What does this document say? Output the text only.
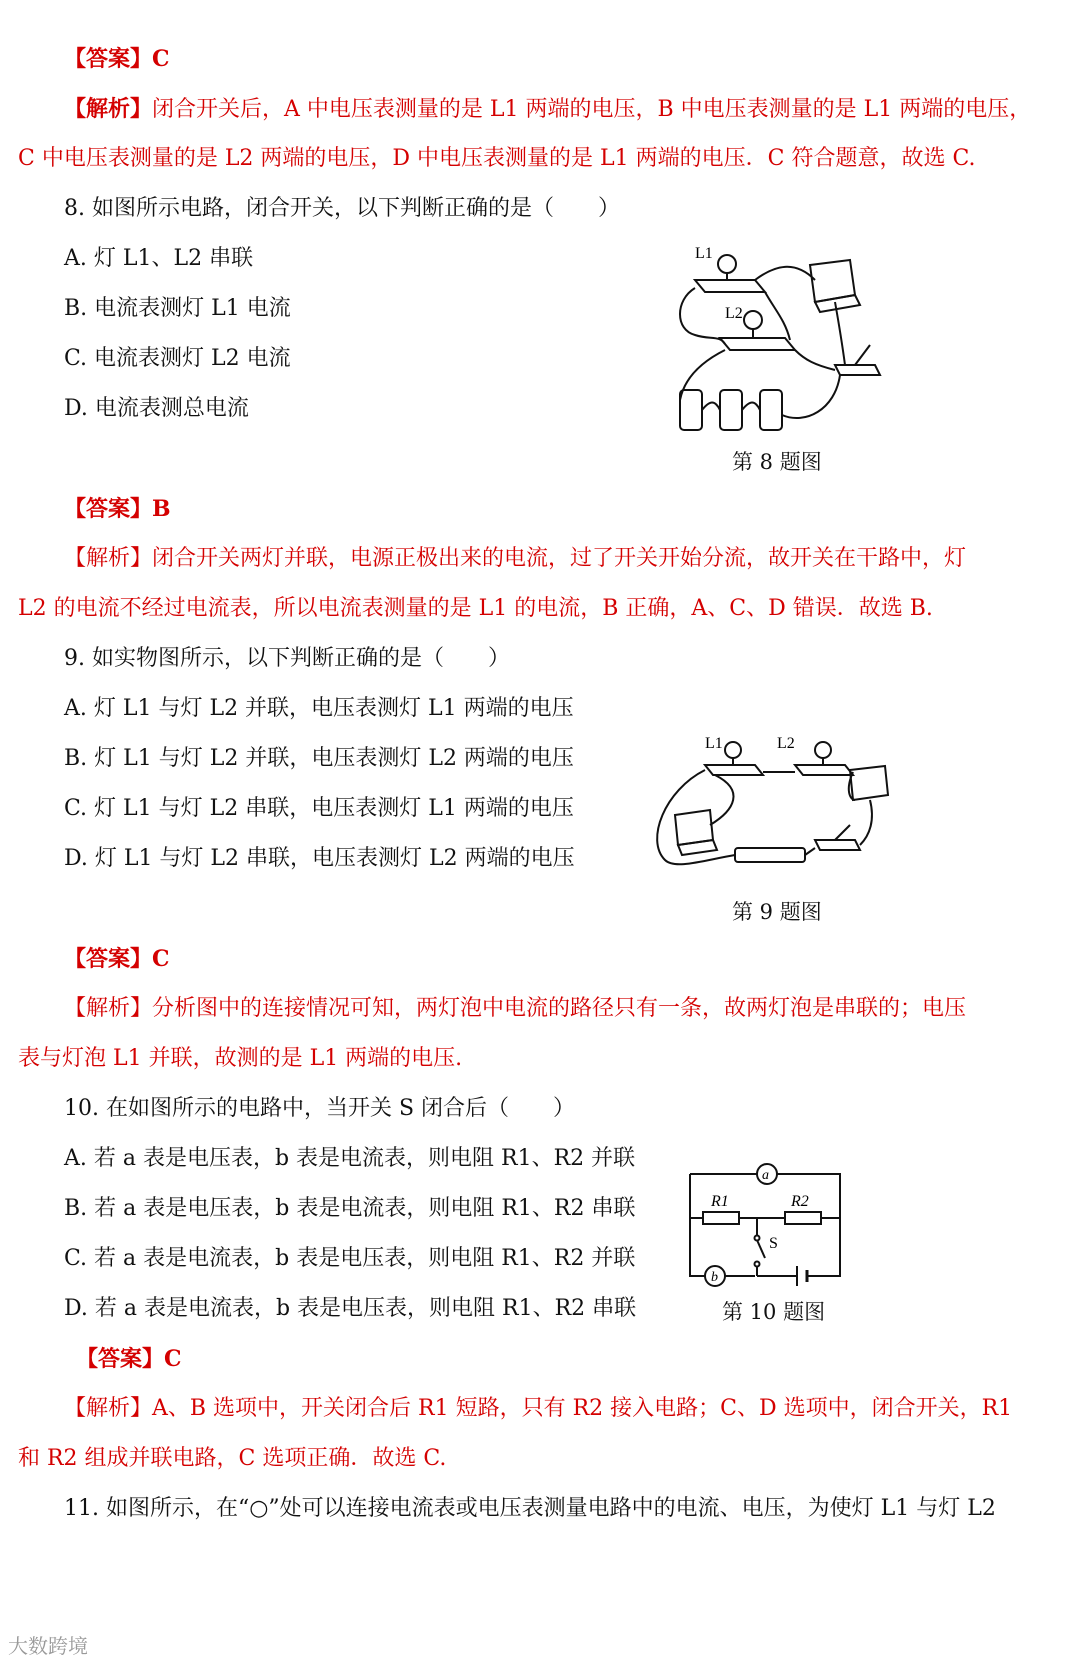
【答案】C
【解析】闭合开关后，A 中电压表测量的是 L1 两端的电压，B 中电压表测量的是 L1 两端的电压，
C 中电压表测量的是 L2 两端的电压，D 中电压表测量的是 L1 两端的电压．C 符合题意，故选 C.
8. 如图所示电路，闭合开关，以下判断正确的是（　　）
A. 灯 L1、L2 串联
B. 电流表测灯 L1 电流
C. 电流表测灯 L2 电流
D. 电流表测总电流
L1
L2
第 8 题图
【答案】B
【解析】闭合开关两灯并联，电源正极出来的电流，过了开关开始分流，故开关在干路中，灯
L2 的电流不经过电流表，所以电流表测量的是 L1 的电流，B 正确，A、C、D 错误．故选 B.
9. 如实物图所示，以下判断正确的是（　　）
A. 灯 L1 与灯 L2 并联，电压表测灯 L1 两端的电压
B. 灯 L1 与灯 L2 并联，电压表测灯 L2 两端的电压
C. 灯 L1 与灯 L2 串联，电压表测灯 L1 两端的电压
D. 灯 L1 与灯 L2 串联，电压表测灯 L2 两端的电压
L1	L2
第 9 题图
【答案】C
【解析】分析图中的连接情况可知，两灯泡中电流的路径只有一条，故两灯泡是串联的；电压
表与灯泡 L1 并联，故测的是 L1 两端的电压.
10. 在如图所示的电路中，当开关 S 闭合后（　　）
A. 若 a 表是电压表，b 表是电流表，则电阻 R1、R2 并联
B. 若 a 表是电压表，b 表是电流表，则电阻 R1、R2 串联
C. 若 a 表是电流表，b 表是电压表，则电阻 R1、R2 并联
D. 若 a 表是电流表，b 表是电压表，则电阻 R1、R2 串联
a
b
R1	R2
S
第 10 题图
【答案】C
【解析】A、B 选项中，开关闭合后 R1 短路，只有 R2 接入电路；C、D 选项中，闭合开关，R1
和 R2 组成并联电路，C 选项正确．故选 C.
11. 如图所示，在“○”处可以连接电流表或电压表测量电路中的电流、电压，为使灯 L1 与灯 L2
大数跨境
